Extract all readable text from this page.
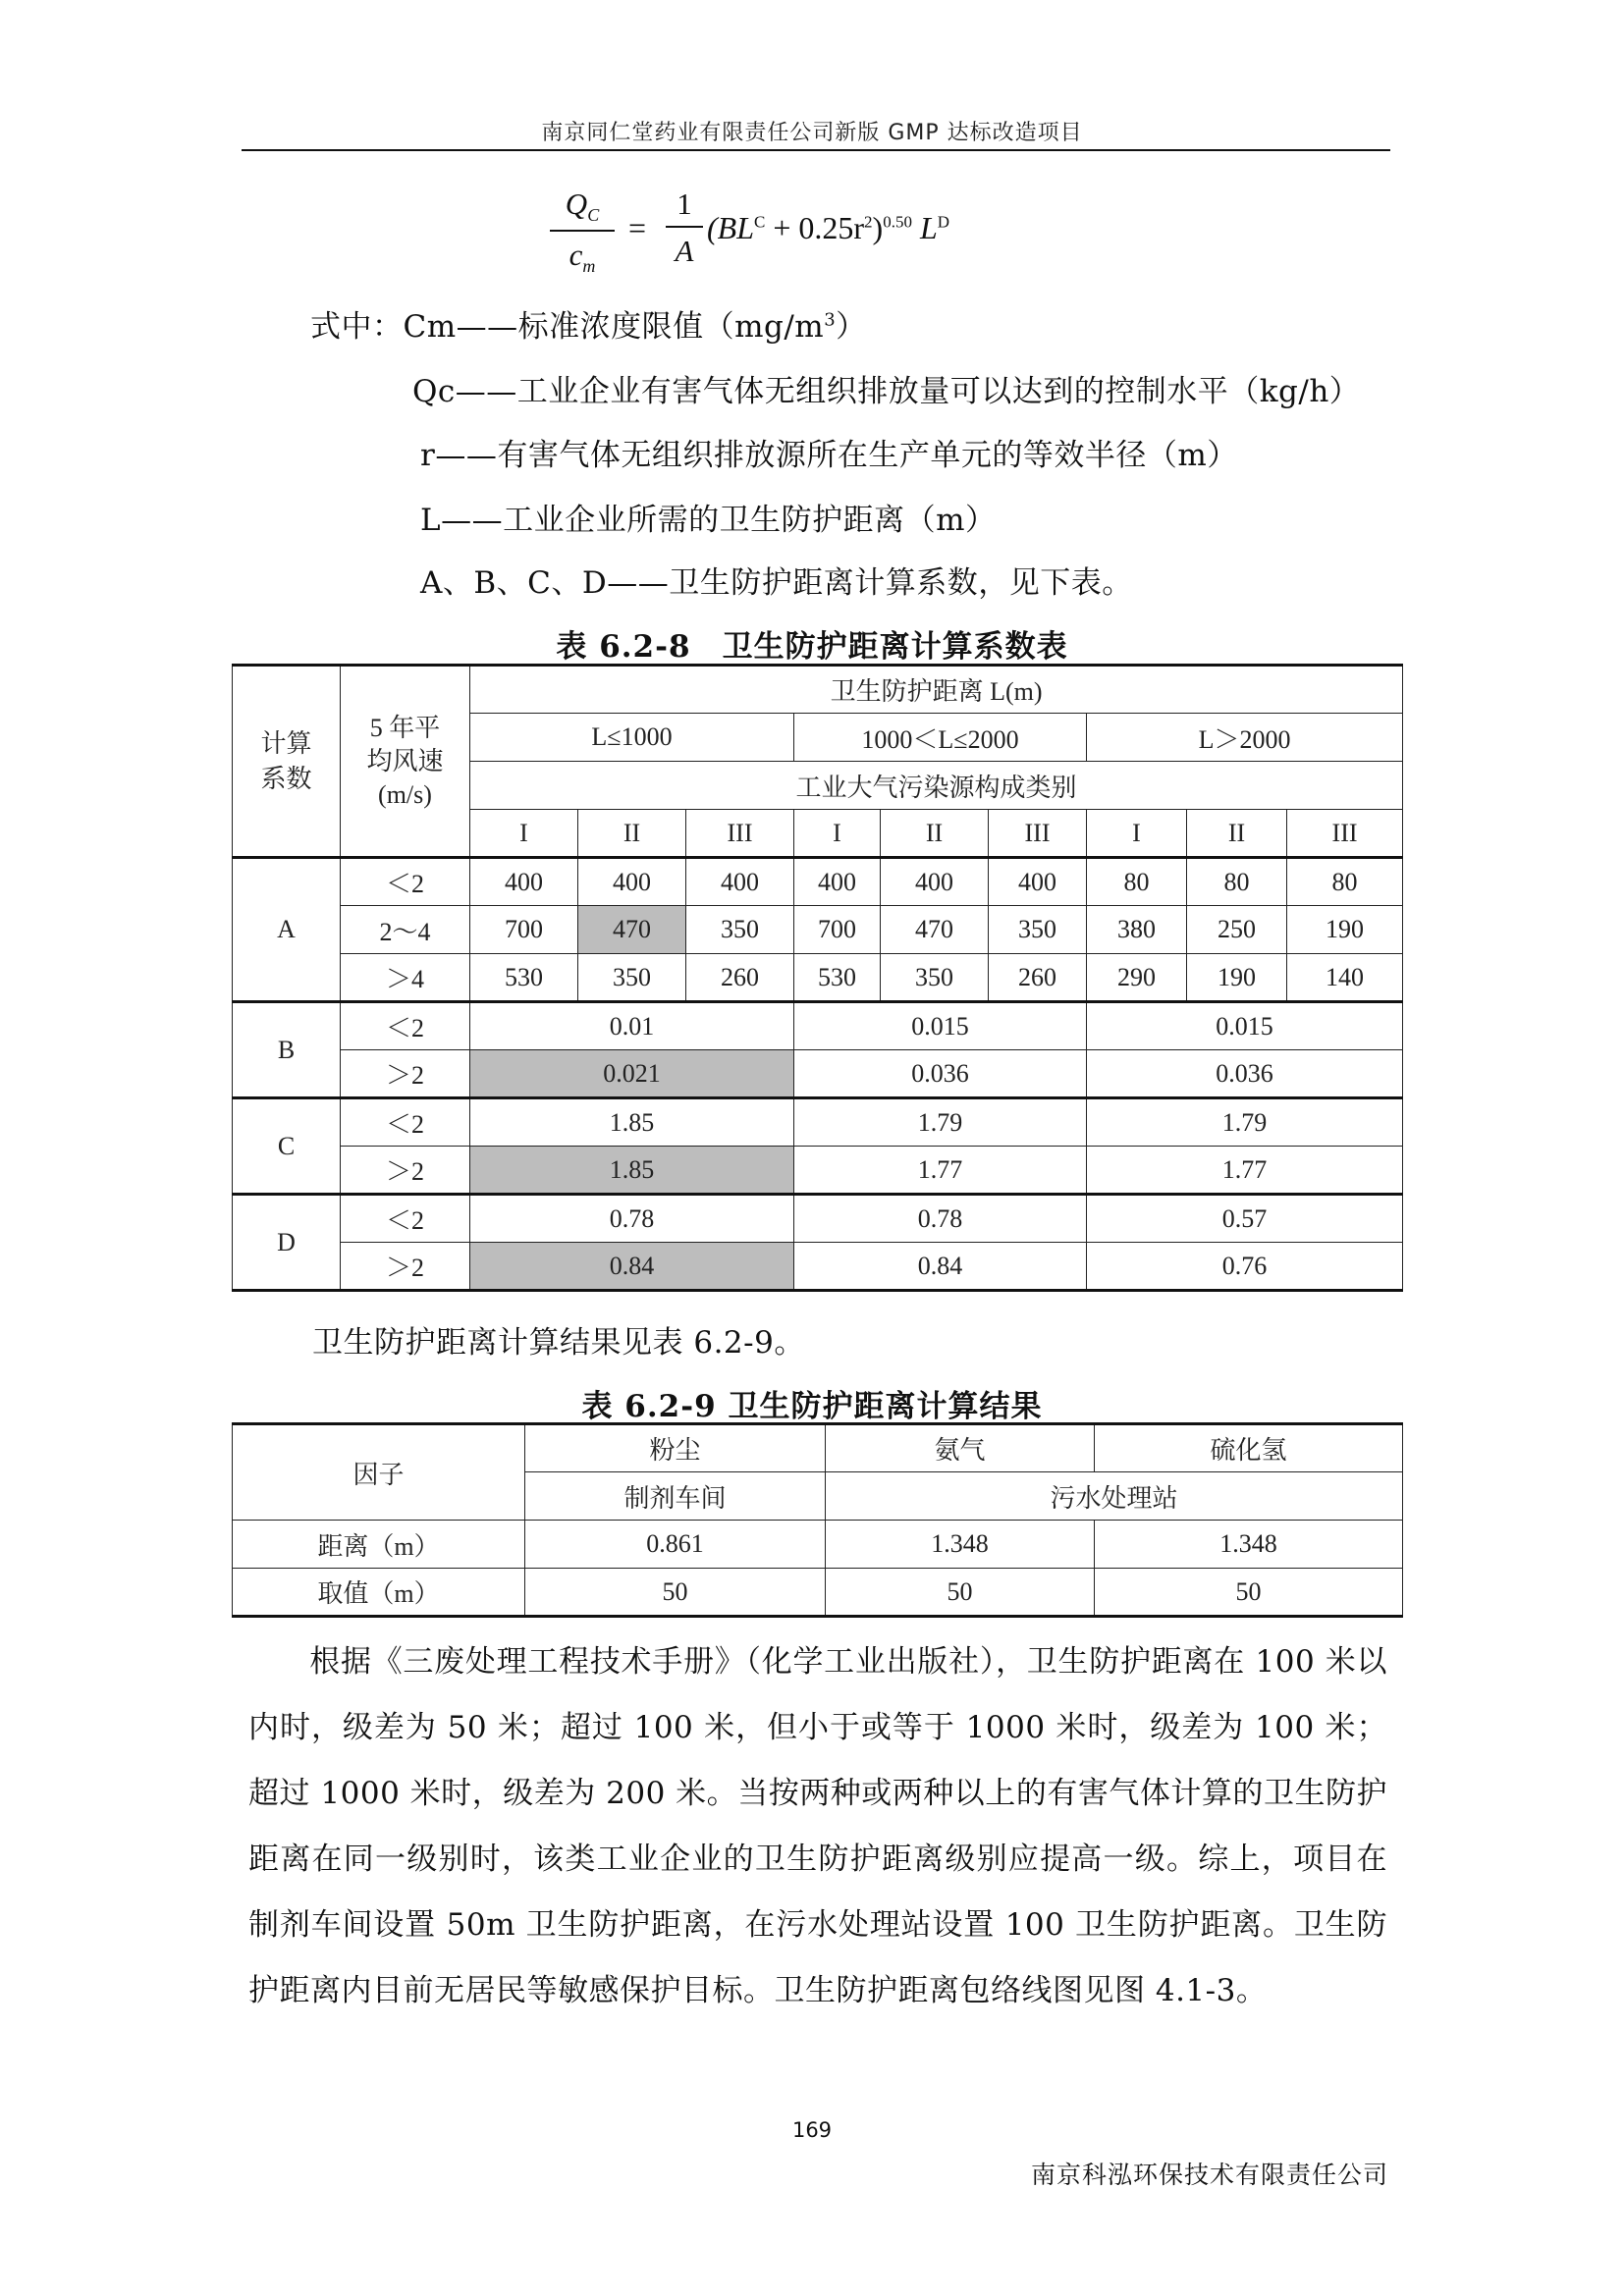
南京同仁堂药业有限责任公司新版 GMP 达标改造项目
$\frac{Q_C}{c_m} = \frac{1}{A} (BL^C + 0.25r^2)^{0.50}$ $L^D$
式中：Cm——标准浓度限值$(mg/m^3)$
Qc——工业企业有害气体无组织排放量可以达到的控制水平（kg/h）
r——有害气体无组织排放源所在生产单元的等效半径（m）
L——工业企业所需的卫生防护距离（m）
A、B、C、D——卫生防护距离计算系数，见下表。
表 6.2-8　卫生防护距离计算系数表
计算系数	5 年平均风速(m/s)	卫生防护距离 L(m)								
		L≤1000			1000＜L≤2000			L＞2000		
		工业大气污染源构成类别								
		I	II	III	I	II	III	I	II	III
A	＜2	400	400	400	400	400	400	80	80	80
	2～4	700	470	350	700	470	350	380	250	190
	＞4	530	350	260	530	350	260	290	190	140
B	＜2	0.01			0.015			0.015		
	＞2	0.021			0.036			0.036		
C	＜2	1.85			1.79			1.79		
	＞2	1.85			1.77			1.77		
D	＜2	0.78			0.78			0.57		
	＞2	0.84			0.84			0.76		
卫生防护距离计算结果见表 6.2-9。
表 6.2-9 卫生防护距离计算结果
因子	粉尘	氨气	硫化氢
	制剂车间	污水处理站	
距离（m）	0.861	1.348	1.348
取值（m）	50	50	50
根据《三废处理工程技术手册》（化学工业出版社），卫生防护距离在 100 米以内时，级差为 50 米；超过 100 米，但小于或等于 1000 米时，级差为 100 米；超过 1000 米时，级差为 200 米。当按两种或两种以上的有害气体计算的卫生防护距离在同一级别时，该类工业企业的卫生防护距离级别应提高一级。综上，项目在制剂车间设置 50m 卫生防护距离，在污水处理站设置 100 卫生防护距离。卫生防护距离内目前无居民等敏感保护目标。卫生防护距离包络线图见图 4.1-3。
169
南京科泓环保技术有限责任公司
